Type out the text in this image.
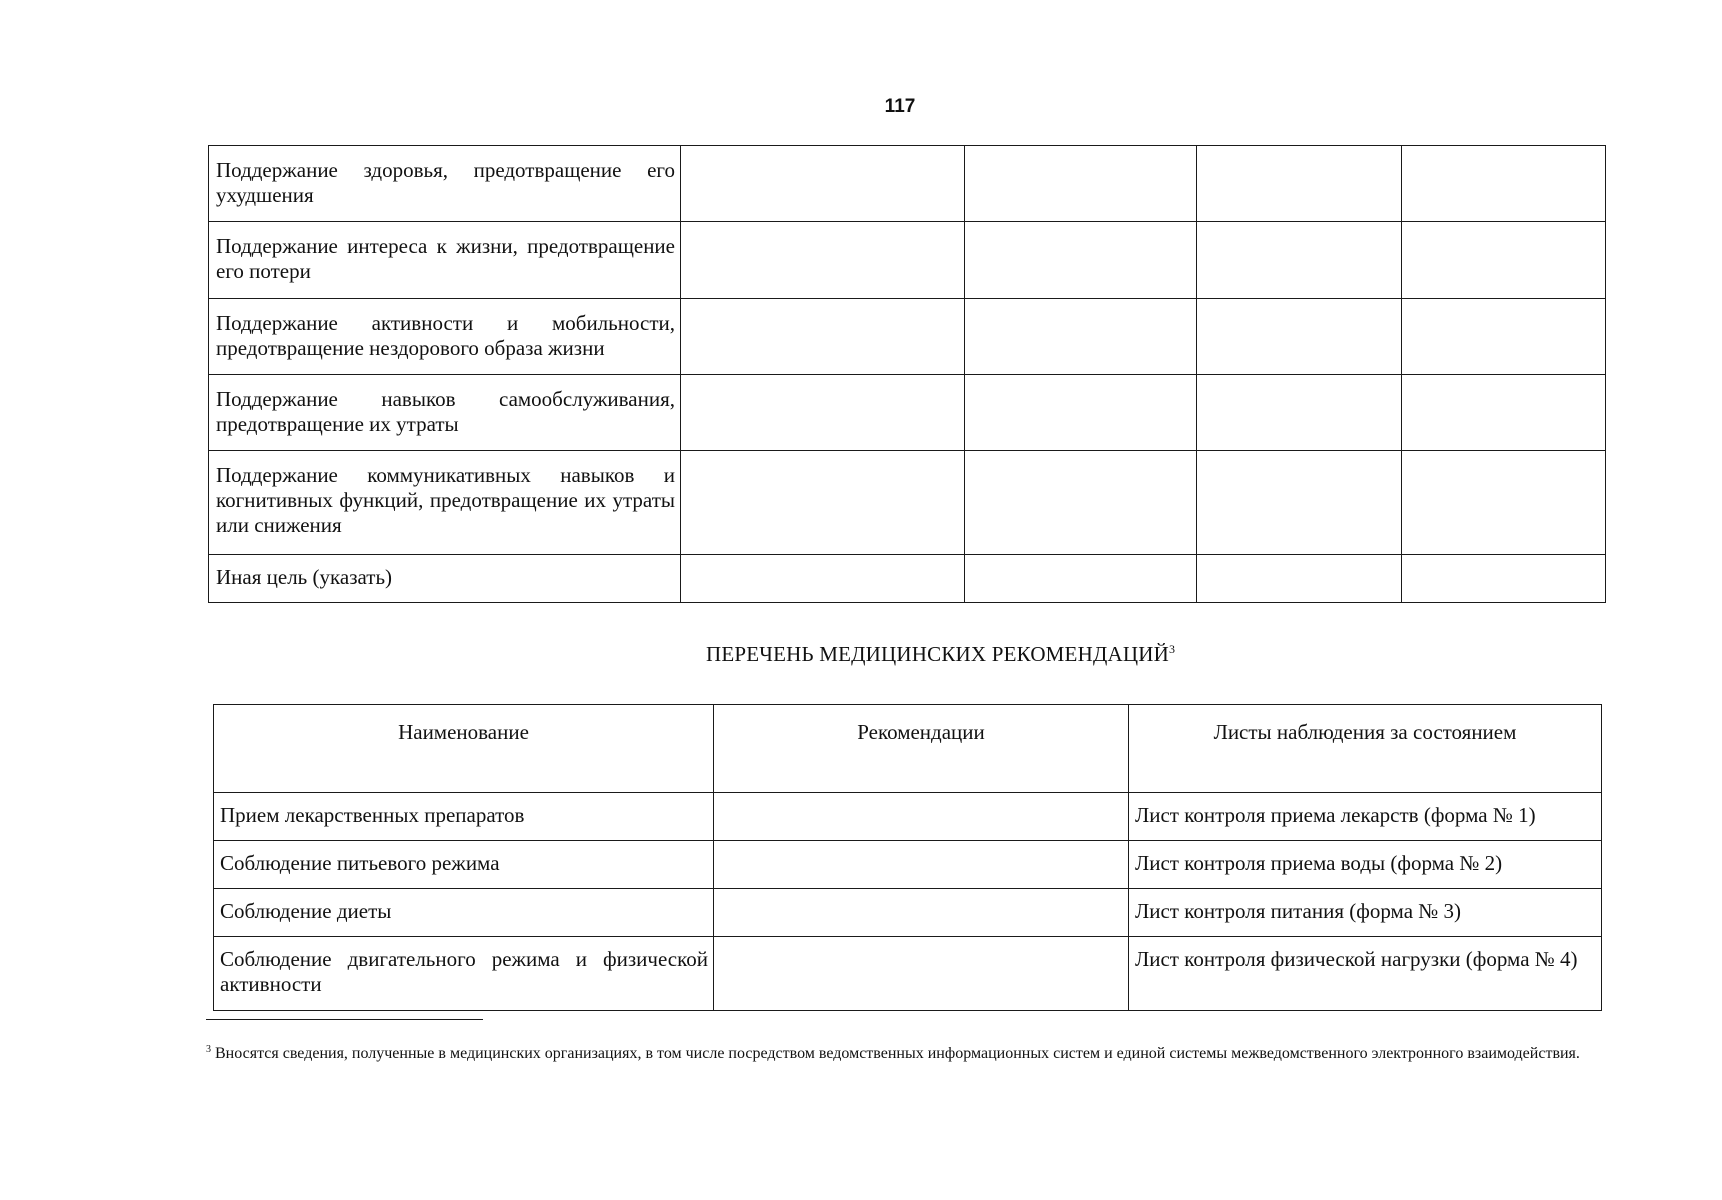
117
Поддержание здоровья, предотвращение его ухудшения				
Поддержание интереса к жизни, предотвращение его потери				
Поддержание активности и мобильности, предотвращение нездорового образа жизни				
Поддержание навыков самообслуживания, предотвращение их утраты				
Поддержание коммуникативных навыков и когнитивных функций, предотвращение их утраты или снижения				
Иная цель (указать)				
ПЕРЕЧЕНЬ МЕДИЦИНСКИХ РЕКОМЕНДАЦИЙ$^3$
Наименование	Рекомендации	Листы наблюдения за состоянием
Прием лекарственных препаратов		Лист контроля приема лекарств (форма № 1)
Соблюдение питьевого режима		Лист контроля приема воды (форма № 2)
Соблюдение диеты		Лист контроля питания (форма № 3)
Соблюдение двигательного режима и физической активности		Лист контроля физической нагрузки (форма № 4)
$^3$ Вносятся сведения, полученные в медицинских организациях, в том числе посредством ведомственных информационных систем и единой системы межведомственного электронного взаимодействия.
